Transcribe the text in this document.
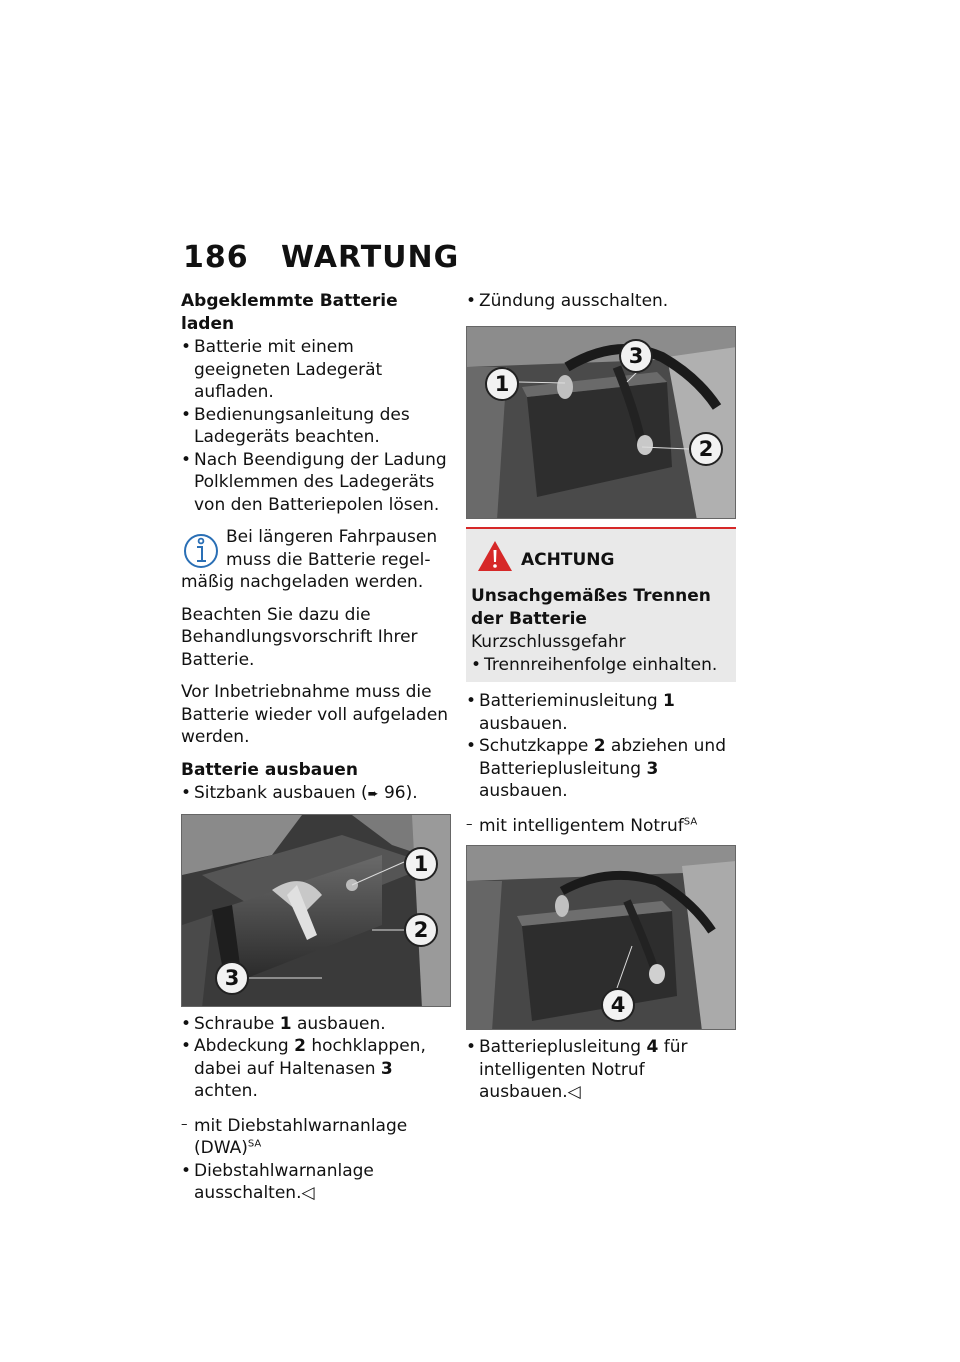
186 WARTUNG

Abgeklemmte Batterie laden

• Batterie mit einem geeigneten Ladegerät aufladen.

• Bedienungsanleitung des Ladegeräts beachten.

• Nach Beendigung der Ladung Polklemmen des Ladegeräts von den Batteriepolen lösen.

Bei längeren Fahrpausen muss die Batterie regel-

mäßig nachgeladen werden.

Beachten Sie dazu die Behandlungsvorschrift Ihrer Batterie.

Vor Inbetriebnahme muss die Batterie wieder voll aufgeladen werden.

Batterie ausbauen

• Sitzbank ausbauen (➨ 96).

1
2
3

• Schraube 1 ausbauen.

• Abdeckung 2 hochklappen, dabei auf Haltenasen 3 achten.

– mit Diebstahlwarnanlage (DWA)$^{SA}$

• Diebstahlwarnanlage ausschalten.◁

• Zündung ausschalten.

1
2
3
ACHTUNG

Unsachgemäßes Trennen der Batterie

Kurzschlussgefahr

• Trennreihenfolge einhalten.

• Batterieminusleitung 1 ausbauen.

• Schutzkappe 2 abziehen und Batterieplusleitung 3 ausbauen.

– mit intelligentem Notruf$^{SA}$

4

• Batterieplusleitung 4 für intelligenten Notruf ausbauen.◁
